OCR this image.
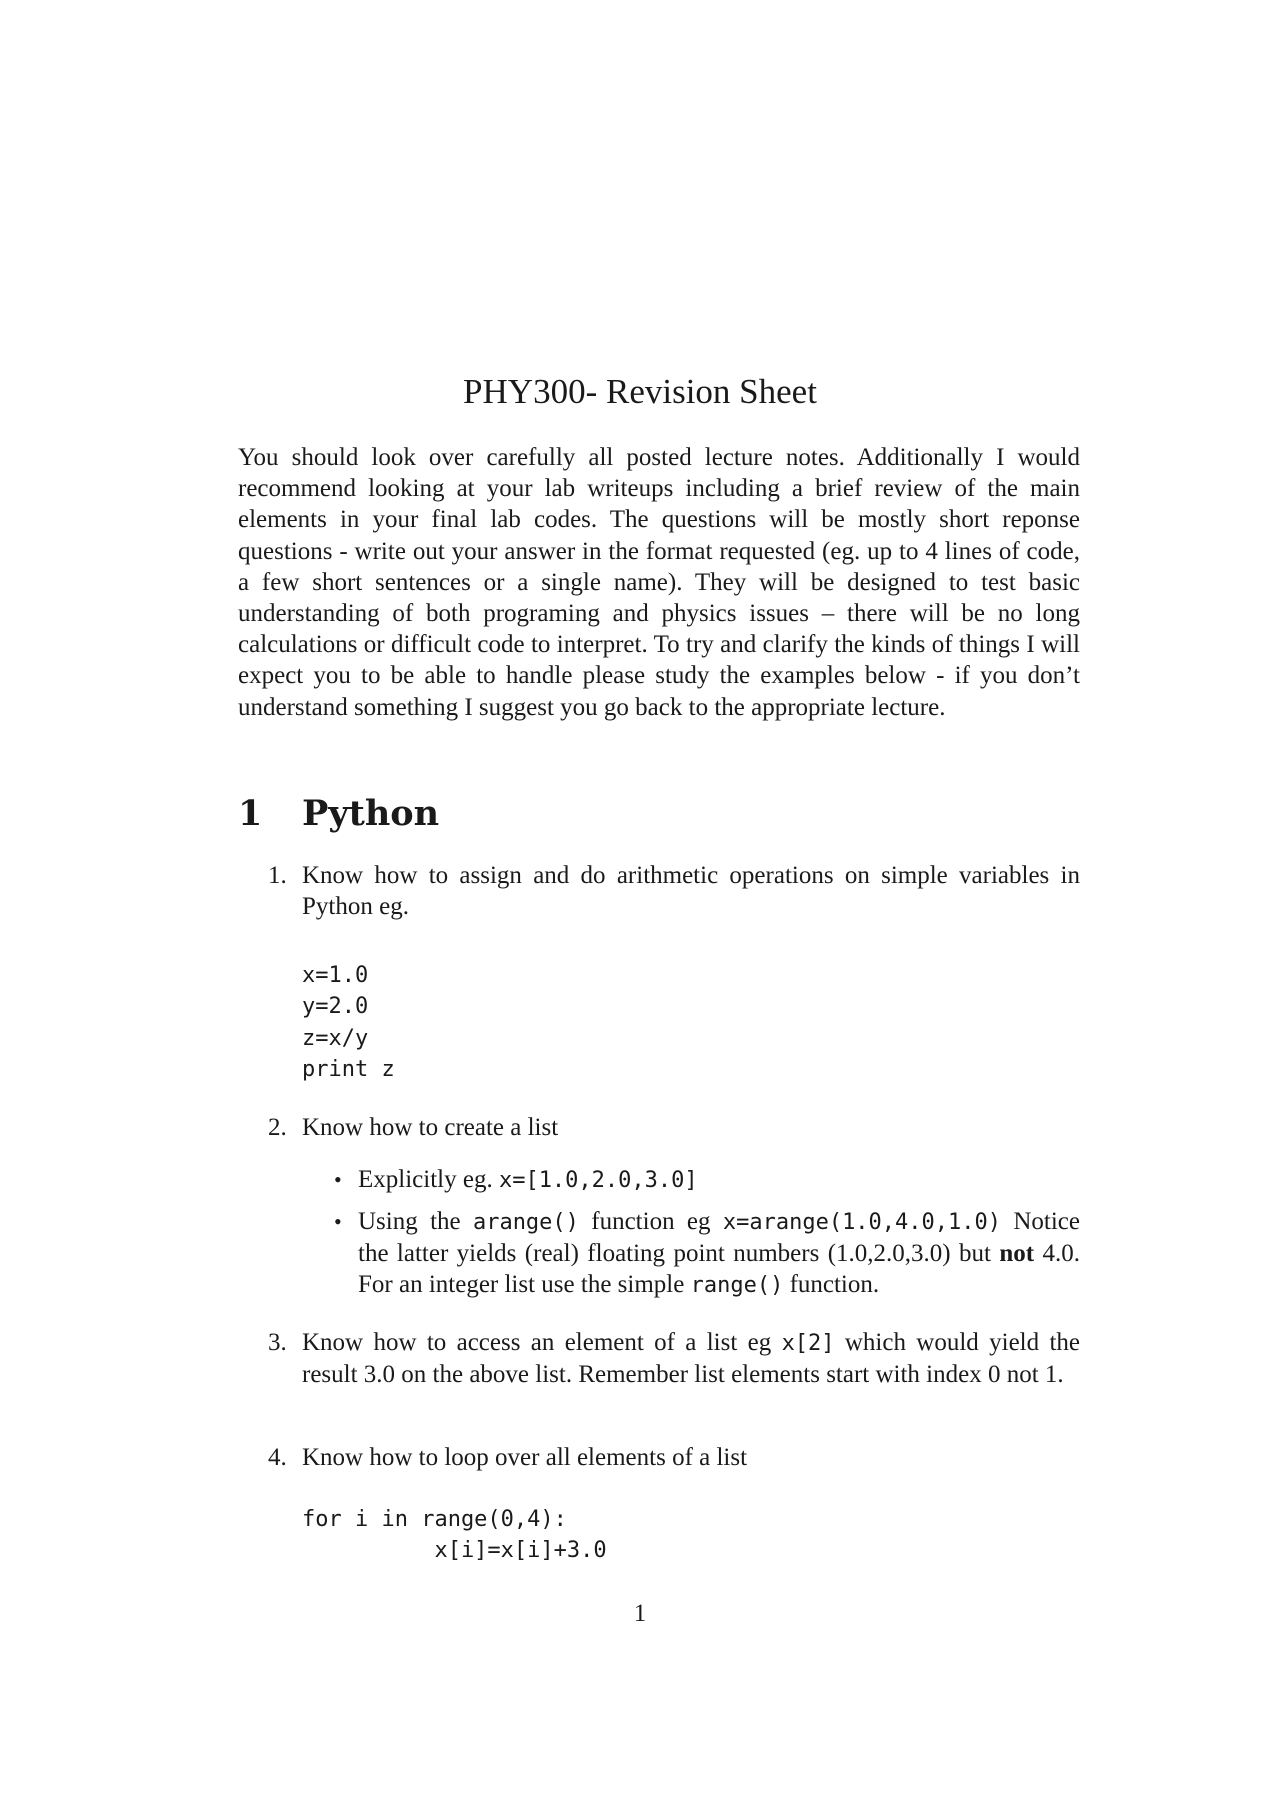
PHY300- Revision Sheet

You should look over carefully all posted lecture notes. Additionally I would recommend looking at your lab writeups including a brief review of the main elements in your final lab codes. The questions will be mostly short reponse questions - write out your answer in the format requested (eg. up to 4 lines of code, a few short sentences or a single name). They will be designed to test basic understanding of both programing and physics issues – there will be no long calculations or difficult code to interpret. To try and clarify the kinds of things I will expect you to be able to handle please study the examples below - if you don’t understand something I suggest you go back to the appropriate lecture.

1 Python
1. Know how to assign and do arithmetic operations on simple variables in Python eg.
x=1.0
y=2.0
z=x/y
print z
2. Know how to create a list
• Explicitly eg. x=[1.0,2.0,3.0]
• Using the arange() function eg x=arange(1.0,4.0,1.0) Notice the latter yields (real) floating point numbers (1.0,2.0,3.0) but not 4.0. For an integer list use the simple range() function.
3. Know how to access an element of a list eg x[2] which would yield the result 3.0 on the above list. Remember list elements start with index 0 not 1.
4. Know how to loop over all elements of a list
for i in range(0,4):
x[i]=x[i]+3.0
1
